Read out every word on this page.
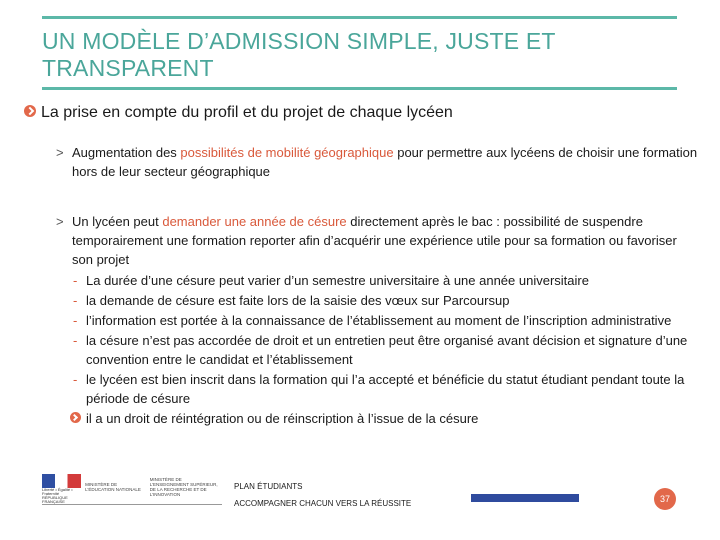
UN MODÈLE D’ADMISSION SIMPLE, JUSTE ET TRANSPARENT
La prise en compte du profil et du projet de chaque lycéen
> Augmentation des possibilités de mobilité géographique pour permettre aux lycéens de choisir une formation hors de leur secteur géographique
> Un lycéen peut demander une année de césure directement après le bac : possibilité de suspendre temporairement une formation reporter afin d’acquérir une expérience utile pour sa formation ou favoriser son projet
- La durée d’une césure peut varier d’un semestre universitaire à une année universitaire
- la demande de césure est faite lors de la saisie des vœux sur Parcoursup
- l’information est portée à la connaissance de l’établissement au moment de l’inscription administrative
- la césure n’est pas accordée de droit et un entretien peut être organisé avant décision et signature d’une convention entre le candidat et l’établissement
- le lycéen est bien inscrit dans la formation qui l’a accepté et bénéficie du statut étudiant pendant toute la période de césure
il a un droit de réintégration ou de réinscription à l’issue de la césure
Liberté • Égalité • Fraternité RÉPUBLIQUE FRANÇAISE
MINISTÈRE DE L’ÉDUCATION NATIONALE
MINISTÈRE DE L’ENSEIGNEMENT SUPÉRIEUR, DE LA RECHERCHE ET DE L’INNOVATION
PLAN ÉTUDIANTS
ACCOMPAGNER CHACUN VERS LA RÉUSSITE	37
